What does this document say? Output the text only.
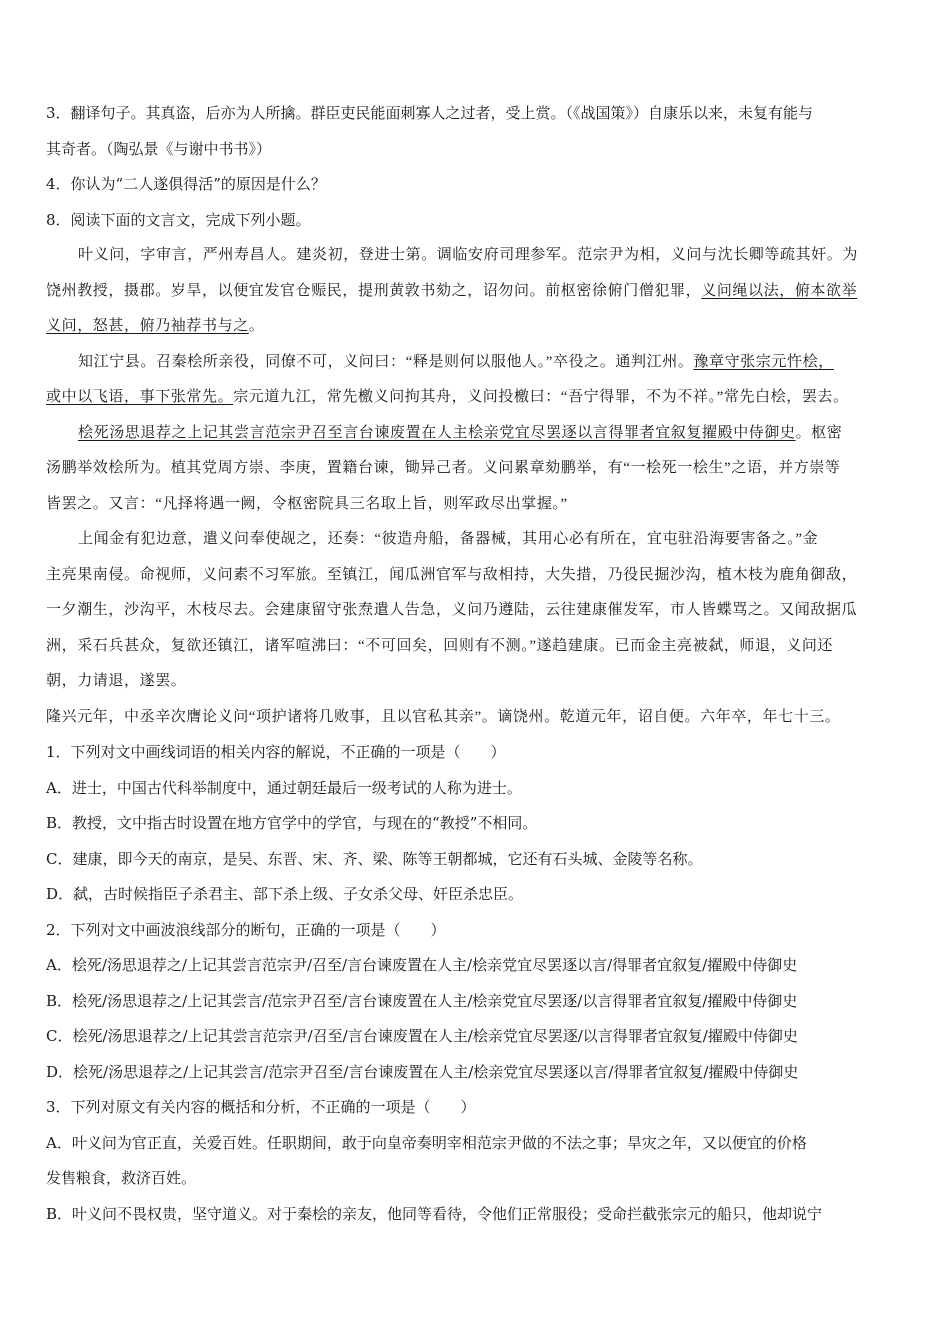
3．翻译句子。其真盗，后亦为人所擒。群臣吏民能面刺寡人之过者，受上赏。（《战国策》）自康乐以来，未复有能与

其奇者。（陶弘景《与谢中书书》）

4．你认为“二人遂俱得活”的原因是什么？

8．阅读下面的文言文，完成下列小题。

叶义问，字审言，严州寿昌人。建炎初，登进士第。调临安府司理参军。范宗尹为相，义问与沈长卿等疏其奸。为

饶州教授，摄郡。岁旱，以便宜发官仓赈民，提刑黄敦书劾之，诏勿问。前枢密徐俯门僧犯罪，义问绳以法，俯本欲举

义问，怒甚，俯乃袖荐书与之。

知江宁县。召秦桧所亲役，同僚不可，义问曰：“释是则何以服他人。”卒役之。通判江州。豫章守张宗元忤桧，

或中以飞语，事下张常先。宗元道九江，常先檄义问拘其舟，义问投檄曰：“吾宁得罪，不为不祥。”常先白桧，罢去。

桧死汤思退荐之上记其尝言范宗尹召至言台谏废置在人主桧亲党宜尽罢逐以言得罪者宜叙复擢殿中侍御史。枢密

汤鹏举效桧所为。植其党周方崇、李庚，置籍台谏，锄异己者。义问累章劾鹏举，有“一桧死一桧生”之语，并方崇等

皆罢之。又言：“凡择将遇一阙，令枢密院具三名取上旨，则军政尽出掌握。”

上闻金有犯边意，遣义问奉使觇之，还奏：“彼造舟船，备器械，其用心必有所在，宜屯驻沿海要害备之。”金

主亮果南侵。命视师，义问素不习军旅。至镇江，闻瓜洲官军与敌相持，大失措，乃役民掘沙沟，植木枝为鹿角御敌，

一夕潮生，沙沟平，木枝尽去。会建康留守张焘遣人告急，义问乃遵陆，云往建康催发军，市人皆蝶骂之。又闻敌据瓜

洲，采石兵甚众，复欲还镇江，诸军喧沸曰：“不可回矣，回则有不测。”遂趋建康。已而金主亮被弑，师退，义问还

朝，力请退，遂罢。

隆兴元年，中丞辛次膺论义问“项护诸将几败事，且以官私其亲”。谪饶州。乾道元年，诏自便。六年卒，年七十三。

1．下列对文中画线词语的相关内容的解说，不正确的一项是（　　）

A．进士，中国古代科举制度中，通过朝廷最后一级考试的人称为进士。

B．教授，文中指古时设置在地方官学中的学官，与现在的“教授”不相同。

C．建康，即今天的南京，是吴、东晋、宋、齐、梁、陈等王朝都城，它还有石头城、金陵等名称。

D．弑，古时候指臣子杀君主、部下杀上级、子女杀父母、奸臣杀忠臣。

2．下列对文中画波浪线部分的断句，正确的一项是（　　）

A．桧死/汤思退荐之/上记其尝言范宗尹/召至/言台谏废置在人主/桧亲党宜尽罢逐以言/得罪者宜叙复/擢殿中侍御史

B．桧死/汤思退荐之/上记其尝言/范宗尹召至/言台谏废置在人主/桧亲党宜尽罢逐/以言得罪者宜叙复/擢殿中侍御史

C．桧死/汤思退荐之/上记其尝言范宗尹/召至/言台谏废置在人主/桧亲党宜尽罢逐/以言得罪者宜叙复/擢殿中侍御史

D．桧死/汤思退荐之/上记其尝言/范宗尹召至/言台谏废置在人主/桧亲党宜尽罢逐以言/得罪者宜叙复/擢殿中侍御史

3．下列对原文有关内容的概括和分析，不正确的一项是（　　）

A．叶义问为官正直，关爱百姓。任职期间，敢于向皇帝奏明宰相范宗尹做的不法之事；旱灾之年，又以便宜的价格

发售粮食，救济百姓。

B．叶义问不畏权贵，坚守道义。对于秦桧的亲友，他同等看待，令他们正常服役；受命拦截张宗元的船只，他却说宁
